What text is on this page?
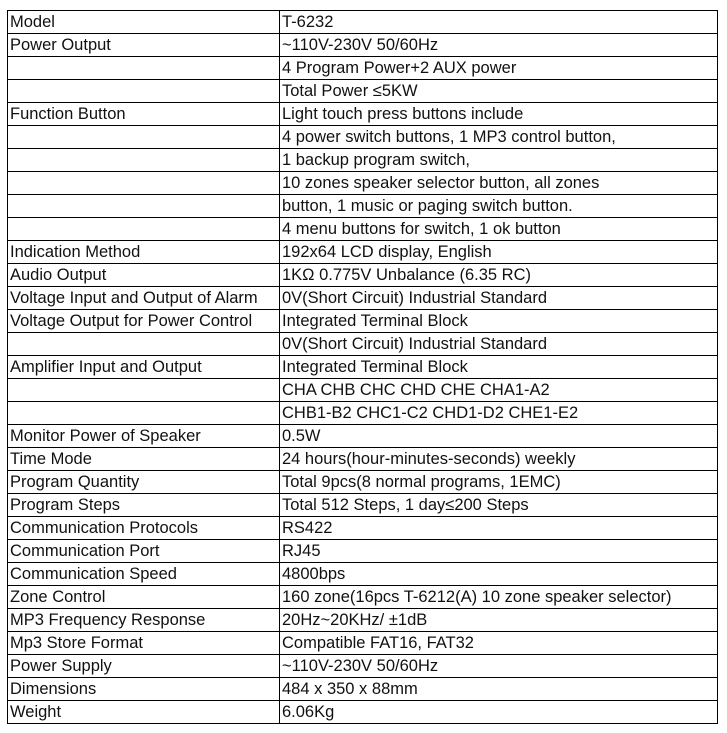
Model	T-6232
Power Output	~110V-230V 50/60Hz
	4 Program Power+2 AUX power
	Total Power ≤5KW
Function Button	Light touch press buttons include
	4 power switch buttons, 1 MP3 control button,
	1 backup program switch,
	10 zones speaker selector button, all zones
	button, 1 music or paging switch button.
	4 menu buttons for switch, 1 ok button
Indication Method	192x64 LCD display, English
Audio Output	1KΩ 0.775V Unbalance (6.35 RC)
Voltage Input and Output of Alarm	0V(Short Circuit) Industrial Standard
Voltage Output for Power Control	Integrated Terminal Block
	0V(Short Circuit) Industrial Standard
Amplifier Input and Output	Integrated Terminal Block
	CHA CHB CHC CHD CHE CHA1-A2
	CHB1-B2 CHC1-C2 CHD1-D2 CHE1-E2
Monitor Power of Speaker	0.5W
Time Mode	24 hours(hour-minutes-seconds) weekly
Program Quantity	Total 9pcs(8 normal programs, 1EMC)
Program Steps	Total 512 Steps, 1 day≤200 Steps
Communication Protocols	RS422
Communication Port	RJ45
Communication Speed	4800bps
Zone Control	160 zone(16pcs T-6212(A) 10 zone speaker selector)
MP3 Frequency Response	20Hz~20KHz/ ±1dB
Mp3 Store Format	Compatible FAT16, FAT32
Power Supply	~110V-230V 50/60Hz
Dimensions	484 x 350 x 88mm
Weight	6.06Kg
